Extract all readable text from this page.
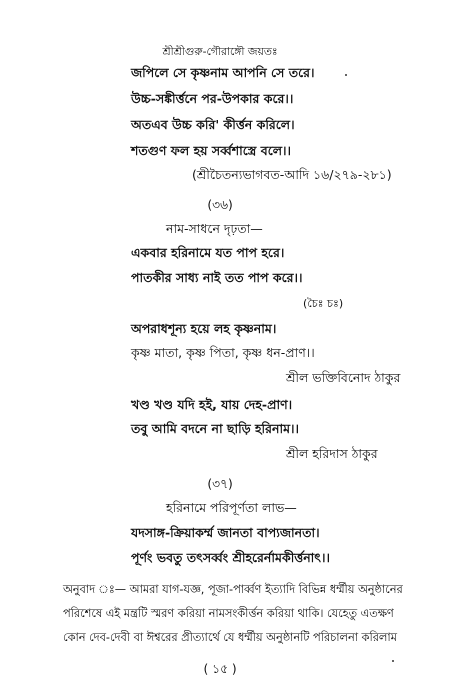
শ্রীশ্রীগুরু-গৌরাঙ্গৌ জয়তঃ
জপিলে সে কৃষ্ণনাম আপনি সে তরে।
উচ্চ-সঙ্কীর্ত্তনে পর-উপকার করে।।
অতএব উচ্চ করি' কীর্ত্তন করিলে।
শতগুণ ফল হয় সর্ব্বশাস্ত্রে বলে।।
(শ্রীচৈতন্যভাগবত-আদি ১৬/২৭৯-২৮১)
(৩৬)
নাম-সাধনে দৃঢ়তা—
একবার হরিনামে যত পাপ হরে।
পাতকীর সাধ্য নাই তত পাপ করে।।
(চৈঃ চঃ)
অপরাধশূন্য হয়ে লহ কৃষ্ণনাম।
কৃষ্ণ মাতা, কৃষ্ণ পিতা, কৃষ্ণ ধন-প্রাণ।।
শ্রীল ভক্তিবিনোদ ঠাকুর
খণ্ড খণ্ড যদি হই, যায় দেহ-প্রাণ।
তবু আমি বদনে না ছাড়ি হরিনাম।।
শ্রীল হরিদাস ঠাকুর
(৩৭)
হরিনামে পরিপূর্ণতা লাভ—
যদসাঙ্গ-ক্রিয়াকর্ম্ম জানতা বাপ্যজানতা।
পূর্ণং ভবতু তৎসর্ব্বং শ্রীহরের্নামকীর্ত্তনাৎ।।
অনুবাদ ঃ— আমরা যাগ-যজ্ঞ, পূজা-পার্ব্বণ ইত্যাদি বিভিন্ন ধর্ম্মীয় অনুষ্ঠানের
পরিশেষে এই মন্ত্রটি স্মরণ করিয়া নামসংকীর্ত্তন করিয়া থাকি। যেহেতু এতক্ষণ
কোন দেব-দেবী বা ঈশ্বরের প্রীত্যার্থে যে ধর্ম্মীয় অনুষ্ঠানটি পরিচালনা করিলাম
( ১৫ )
